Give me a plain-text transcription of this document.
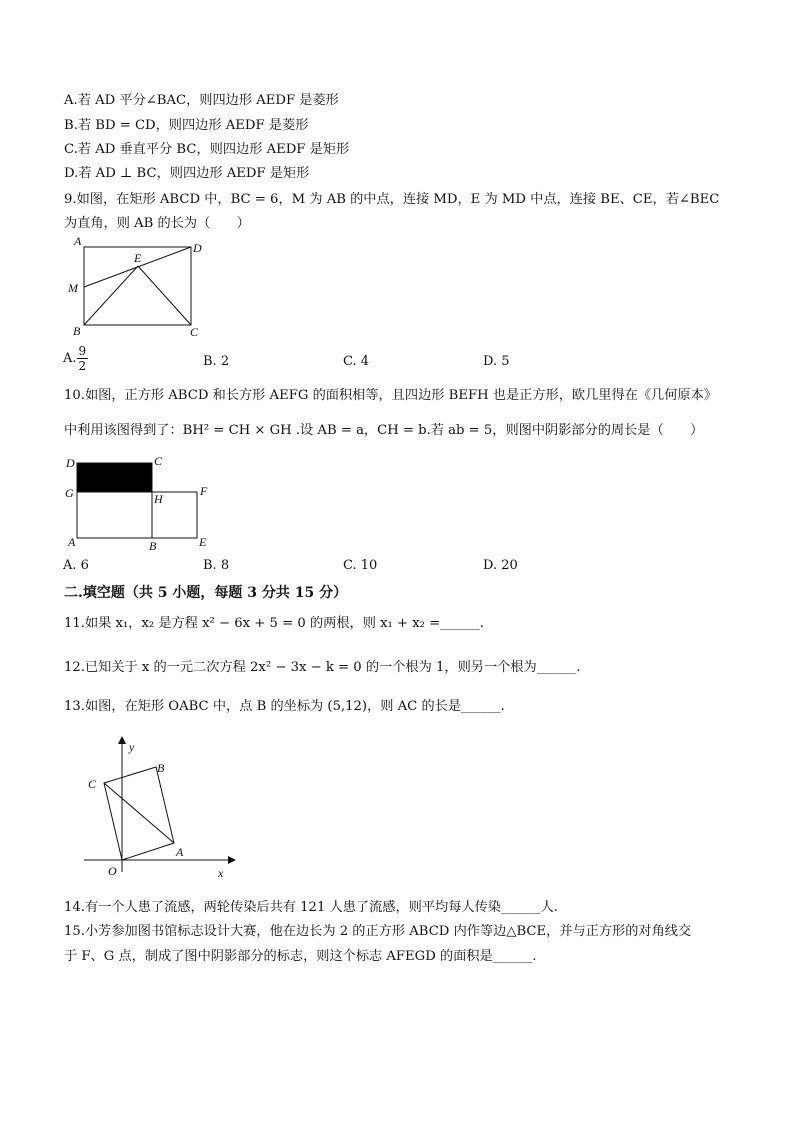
A.若 AD 平分∠BAC，则四边形 AEDF 是菱形
B.若 BD = CD，则四边形 AEDF 是菱形
C.若 AD 垂直平分 BC，则四边形 AEDF 是矩形
D.若 AD ⊥ BC，则四边形 AEDF 是矩形
9.如图，在矩形 ABCD 中，BC = 6，M 为 AB 的中点，连接 MD，E 为 MD 中点，连接 BE、CE，若∠BEC
为直角，则 AB 的长为（　　）
A	D
E
M
B	C
A. $\frac{9}{2}$	B. 2	C. 4	D. 5
10.如图，正方形 ABCD 和长方形 AEFG 的面积相等，且四边形 BEFH 也是正方形，欧几里得在《几何原本》
中利用该图得到了：BH² = CH × GH .设 AB = a，CH = b.若 ab = 5，则图中阴影部分的周长是（　　）
D	C
G	H
F
A	B	E
A. 6	B. 8	C. 10	D. 20
二.填空题（共 5 小题，每题 3 分共 15 分）
11.如果 x₁，x₂ 是方程 x² − 6x + 5 = 0 的两根，则 x₁ + x₂ =______.
12.已知关于 x 的一元二次方程 2x² − 3x − k = 0 的一个根为 1，则另一个根为______.
13.如图，在矩形 OABC 中，点 B 的坐标为 (5,12)，则 AC 的长是______.
y
C
B
A
O	x
14.有一个人患了流感，两轮传染后共有 121 人患了流感，则平均每人传染______人.
15.小芳参加图书馆标志设计大赛，他在边长为 2 的正方形 ABCD 内作等边△BCE，并与正方形的对角线交
于 F、G 点，制成了图中阴影部分的标志，则这个标志 AFEGD 的面积是______.
